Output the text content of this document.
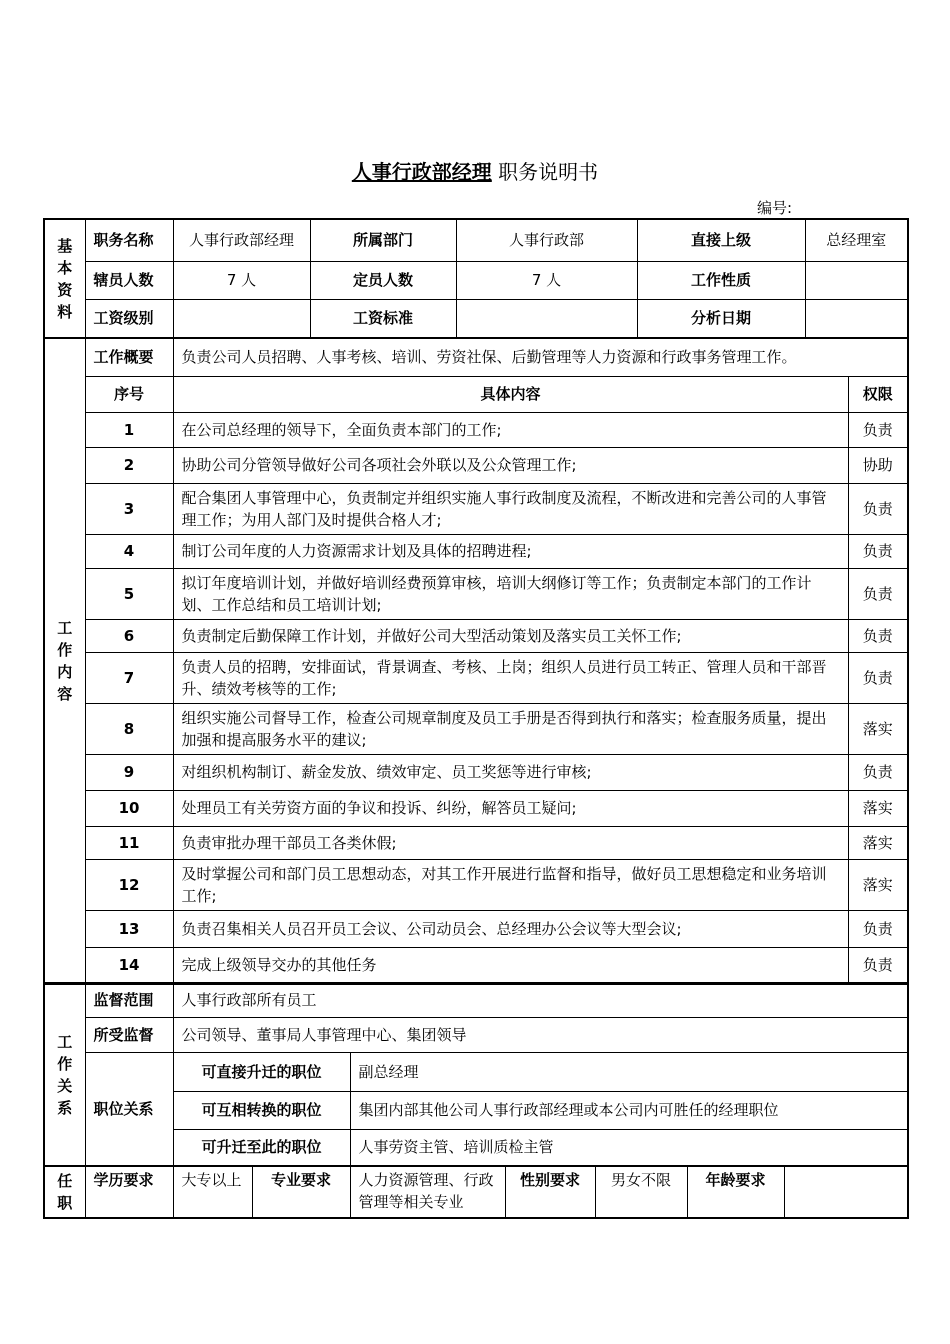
人事行政部经理 职务说明书
编号:
基
本
资
料	职务名称	人事行政部经理	所属部门	人事行政部	直接上级	总经理室
	辖员人数	7 人	定员人数	7 人	工作性质	
	工资级别		工资标准		分析日期	
工
作
内
容	工作概要	负责公司人员招聘、人事考核、培训、劳资社保、后勤管理等人力资源和行政事务管理工作。	
	序号	具体内容	权限
	1	在公司总经理的领导下，全面负责本部门的工作;	负责
	2	协助公司分管领导做好公司各项社会外联以及公众管理工作;	协助
	3	配合集团人事管理中心，负责制定并组织实施人事行政制度及流程，不断改进和完善公司的人事管理工作；为用人部门及时提供合格人才;	负责
	4	制订公司年度的人力资源需求计划及具体的招聘进程;	负责
	5	拟订年度培训计划，并做好培训经费预算审核，培训大纲修订等工作；负责制定本部门的工作计划、工作总结和员工培训计划;	负责
	6	负责制定后勤保障工作计划，并做好公司大型活动策划及落实员工关怀工作;	负责
	7	负责人员的招聘，安排面试，背景调查、考核、上岗；组织人员进行员工转正、管理人员和干部晋升、绩效考核等的工作;	负责
	8	组织实施公司督导工作，检查公司规章制度及员工手册是否得到执行和落实；检查服务质量，提出加强和提高服务水平的建议;	落实
	9	对组织机构制订、薪金发放、绩效审定、员工奖惩等进行审核;	负责
	10	处理员工有关劳资方面的争议和投诉、纠纷，解答员工疑问;	落实
	11	负责审批办理干部员工各类休假;	落实
	12	及时掌握公司和部门员工思想动态，对其工作开展进行监督和指导，做好员工思想稳定和业务培训工作;	落实
	13	负责召集相关人员召开员工会议、公司动员会、总经理办公会议等大型会议;	负责
	14	完成上级领导交办的其他任务	负责
工
作
关
系	监督范围	人事行政部所有员工	
	所受监督	公司领导、董事局人事管理中心、集团领导	
	职位关系	可直接升迁的职位	副总经理
		可互相转换的职位	集团内部其他公司人事行政部经理或本公司内可胜任的经理职位
		可升迁至此的职位	人事劳资主管、培训质检主管
任
职
	学历要求	大专以上	专业要求	人力资源管理、行政管理等相关专业	性别要求	男女不限	年龄要求	
